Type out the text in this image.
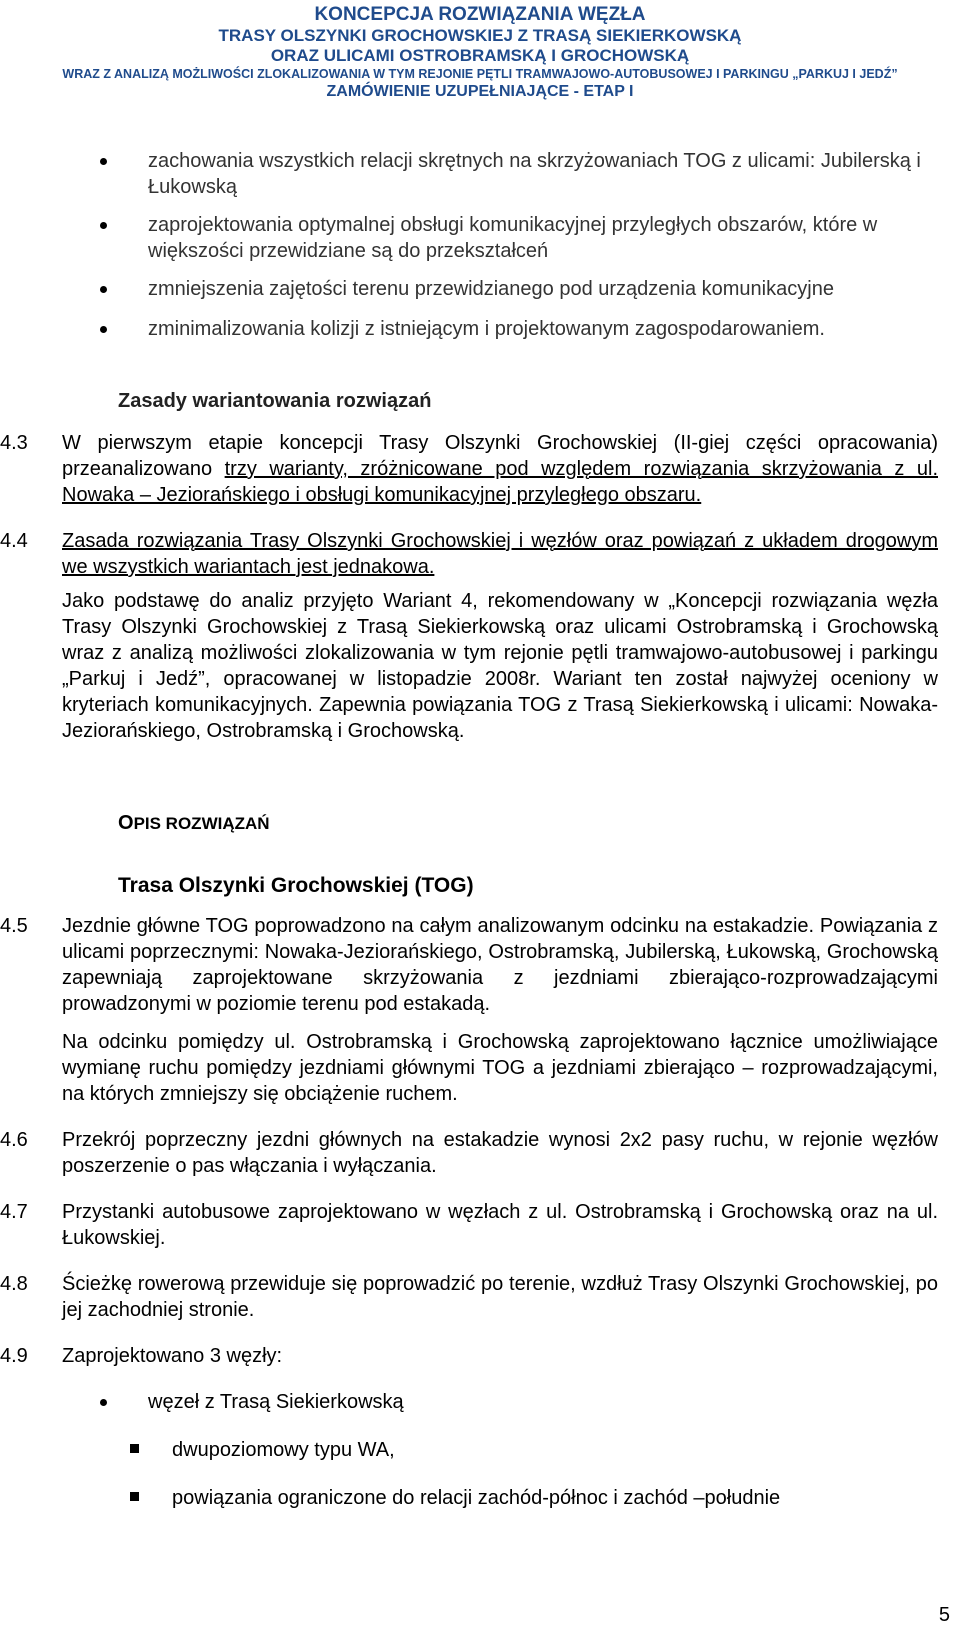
KONCEPCJA ROZWIĄZANIA WĘZŁA
TRASY OLSZYNKI GROCHOWSKIEJ Z TRASĄ SIEKIERKOWSKĄ
ORAZ ULICAMI OSTROBRAMSKĄ I GROCHOWSKĄ
WRAZ Z ANALIZĄ MOŻLIWOŚCI ZLOKALIZOWANIA W TYM REJONIE PĘTLI TRAMWAJOWO-AUTOBUSOWEJ I PARKINGU „PARKUJ I JEDŹ”
ZAMÓWIENIE UZUPEŁNIAJĄCE - ETAP I
zachowania wszystkich relacji skrętnych na skrzyżowaniach TOG z ulicami: Jubilerską i Łukowską
zaprojektowania optymalnej obsługi komunikacyjnej przyległych obszarów, które w większości przewidziane są do przekształceń
zmniejszenia zajętości terenu przewidzianego pod urządzenia komunikacyjne
zminimalizowania kolizji z istniejącym i projektowanym zagospodarowaniem.
Zasady wariantowania rozwiązań
4.3 W pierwszym etapie koncepcji Trasy Olszynki Grochowskiej (II-giej części opracowania) przeanalizowano trzy warianty, zróżnicowane pod względem rozwiązania skrzyżowania z ul. Nowaka – Jeziorańskiego i obsługi komunikacyjnej przyległego obszaru.
4.4 Zasada rozwiązania Trasy Olszynki Grochowskiej i węzłów oraz powiązań z układem drogowym we wszystkich wariantach jest jednakowa.
Jako podstawę do analiz przyjęto Wariant 4, rekomendowany w „Koncepcji rozwiązania węzła Trasy Olszynki Grochowskiej z Trasą Siekierkowską oraz ulicami Ostrobramską i Grochowską wraz z analizą możliwości zlokalizowania w tym rejonie pętli tramwajowo-autobusowej i parkingu „Parkuj i Jedź”, opracowanej w listopadzie 2008r. Wariant ten został najwyżej oceniony w kryteriach komunikacyjnych. Zapewnia powiązania TOG z Trasą Siekierkowską i ulicami: Nowaka-Jeziorańskiego, Ostrobramską i Grochowską.
OPIS ROZWIĄZAŃ
Trasa Olszynki Grochowskiej (TOG)
4.5 Jezdnie główne TOG poprowadzono na całym analizowanym odcinku na estakadzie. Powiązania z ulicami poprzecznymi: Nowaka-Jeziorańskiego, Ostrobramską, Jubilerską, Łukowską, Grochowską zapewniają zaprojektowane skrzyżowania z jezdniami zbierająco-rozprowadzającymi prowadzonymi w poziomie terenu pod estakadą.
Na odcinku pomiędzy ul. Ostrobramską i Grochowską zaprojektowano łącznice umożliwiające wymianę ruchu pomiędzy jezdniami głównymi TOG a jezdniami zbierająco – rozprowadzającymi, na których zmniejszy się obciążenie ruchem.
4.6 Przekrój poprzeczny jezdni głównych na estakadzie wynosi 2x2 pasy ruchu, w rejonie węzłów poszerzenie o pas włączania i wyłączania.
4.7 Przystanki autobusowe zaprojektowano w węzłach z ul. Ostrobramską i Grochowską oraz na ul. Łukowskiej.
4.8 Ścieżkę rowerową przewiduje się poprowadzić po terenie, wzdłuż Trasy Olszynki Grochowskiej, po jej zachodniej stronie.
4.9 Zaprojektowano 3 węzły:
węzeł z Trasą Siekierkowską
dwupoziomowy typu WA,
powiązania ograniczone do relacji zachód-północ i zachód –południe
5
